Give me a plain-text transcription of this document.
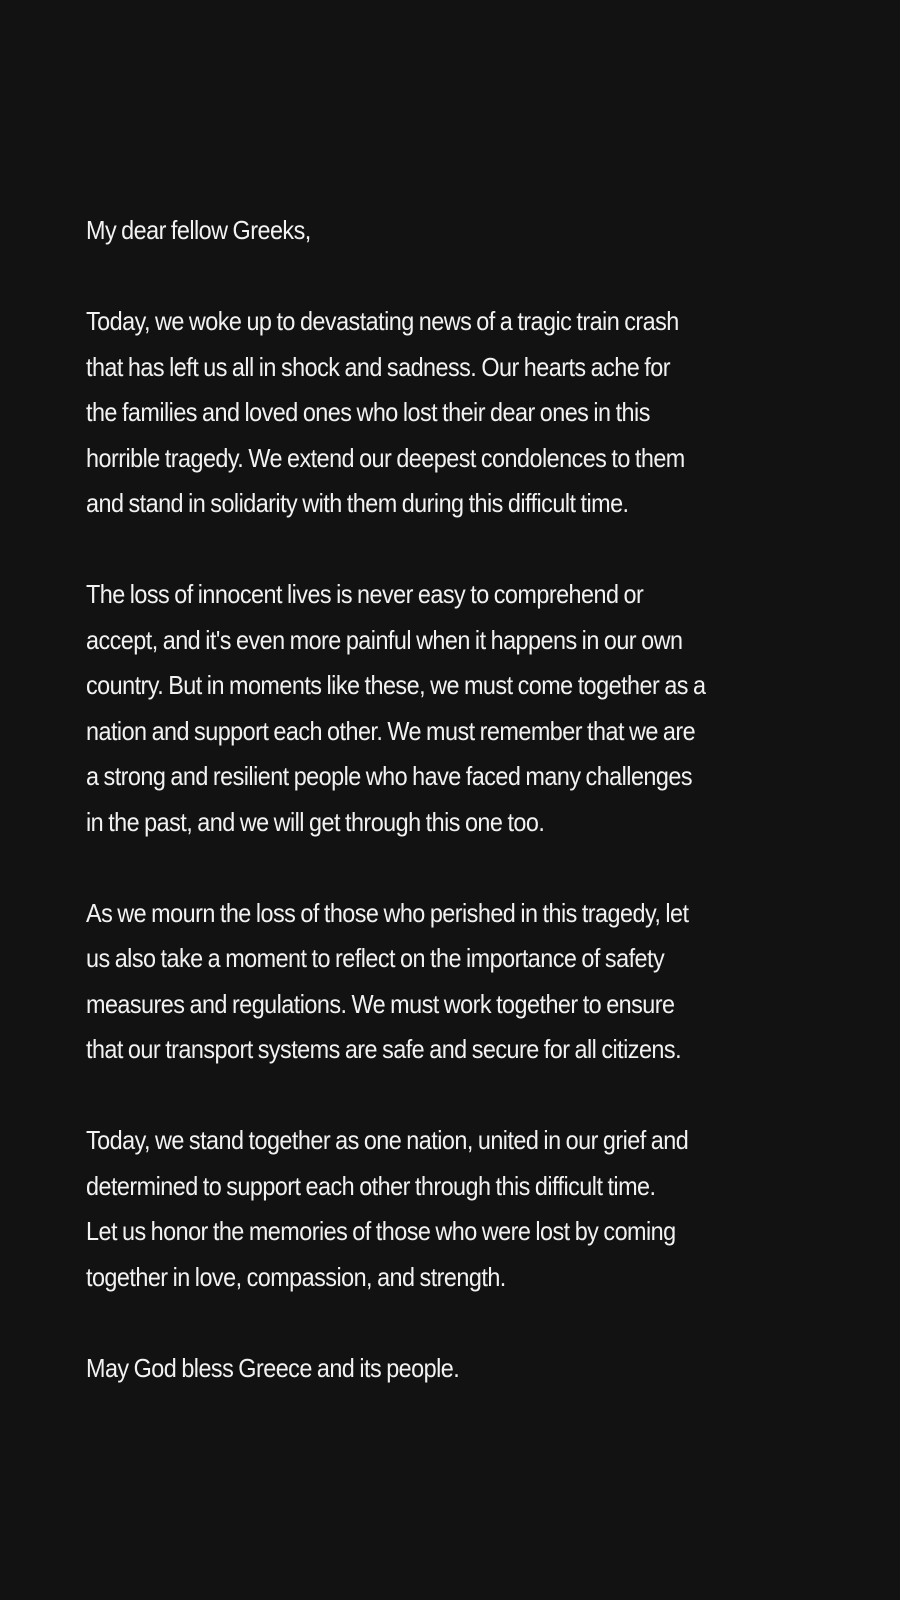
My dear fellow Greeks,
Today, we woke up to devastating news of a tragic train crash
that has left us all in shock and sadness. Our hearts ache for
the families and loved ones who lost their dear ones in this
horrible tragedy. We extend our deepest condolences to them
and stand in solidarity with them during this difficult time.
The loss of innocent lives is never easy to comprehend or
accept, and it's even more painful when it happens in our own
country. But in moments like these, we must come together as a
nation and support each other. We must remember that we are
a strong and resilient people who have faced many challenges
in the past, and we will get through this one too.
As we mourn the loss of those who perished in this tragedy, let
us also take a moment to reflect on the importance of safety
measures and regulations. We must work together to ensure
that our transport systems are safe and secure for all citizens.
Today, we stand together as one nation, united in our grief and
determined to support each other through this difficult time.
Let us honor the memories of those who were lost by coming
together in love, compassion, and strength.
May God bless Greece and its people.
